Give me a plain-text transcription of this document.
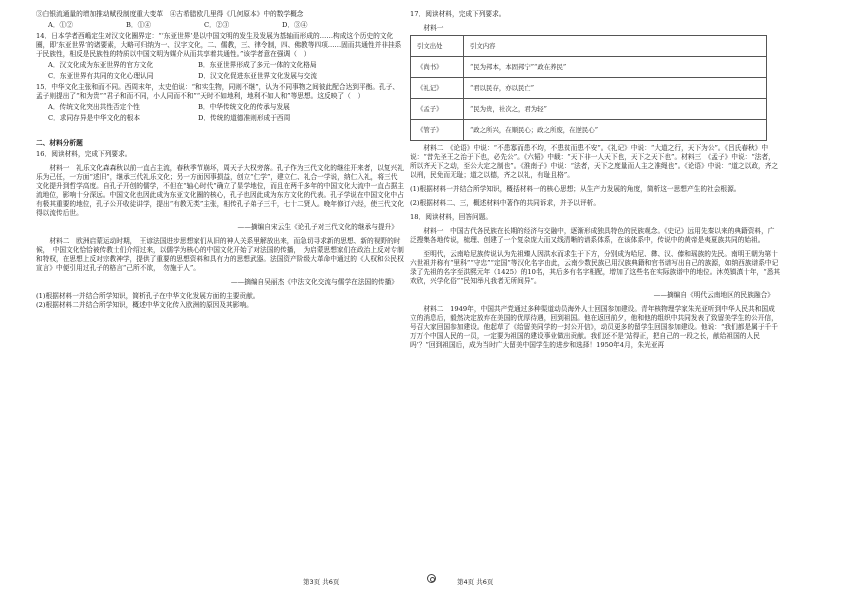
③白银流通量的增加推动赋役制度重大变革　④古希腊欧几里得《几何原本》中的数学概念

A．①②	B．①④	C．②③	D．③④

14．日本学者西嶋定生对汉文化圈界定：“‘东亚世界’是以中国文明的发生及发展为基轴而形成的……构成这个历史的文化圈，即‘东亚世界’的诸要素，大略可归纳为一、汉字文化，二、儒教，三、律令制，四、佛教等四项……固而共通性并非挂系于民族性，相反是民族性的特质以中国文明为媒介从而共享着共通性。”该学者意在强调（　）

A．汉文化成为东亚世界的官方文化	B．东亚世界形成了多元一体的文化格局
C．东亚世界有共同的文化心理认同	D．汉文化促进东亚世界文化发展与交流

15．中华文化主张和而不同。西周末年，太史伯说：“和实生物，同则不继”，认为不同事物之间彼此配合达到平衡。孔子、孟子则提出了“和为贵”“君子和而不同，小人同而不和”“天时不如地利，地利不如人和”等思想。这反映了（　）

A．传统文化突出共性否定个性	B．中华传统文化的传承与发展
C．求同存异是中华文化的根本	D．传统的道德准则形成于西周
二、材料分析题

16．阅读材料，完成下列要求。

材料一　礼乐文化森森秋以前一直占主流，春秋季节崩坏，周天子大权旁落。孔子作为三代文化的继往开来者，以复兴礼乐为己任，一方面“述旧”，继承三代礼乐文化；另一方面因事损益，创立“仁学”，建立仁、礼合一学说，纳仁入礼，将三代文化提升到哲学高度。自孔子开创的儒学，不但在“轴心时代”确立了显学地位，而且在两千多年的中国文化大流中一直占据主流地位，影响十分深远。中国文化也因此成为东亚文化圈的核心，孔子也因此成为东方文化的代表。孔子学说在中国文化中占有极其重要的地位，孔子公开收徒讲学，提出“有教无类”主张，相传孔子弟子三千，七十二贤人。晚年修订六经，使三代文化得以流传后世。

——摘编自宋云生《论孔子对三代文化的继承与提升》

材料二　欧洲启蒙运动时期，　王谚法国进步思想家们从旧的神人关系里解放出来，而急切寻求新的思想、新的视野的时候，　中国文化恰恰被传教士们介绍过来，以儒学为核心的中国文化开始了对法国的传播，　为启蒙思想家们在政治上反对专制和特权，在思想上反对宗教神学，提供了重要的思想资料和具有力的思想武器。法国资产阶级大革命中通过的《人权和公民权宣言》中便引用过孔子的格言“己所不欲，　勿施于人”。

——摘编自吴丽杰《中法文化交流与儒学在法国的传播》

(1)根据材料一并结合所学知识，简析孔子在中华文化发展方面的主要贡献。

(2)根据材料二并结合所学知识，概述中华文化传入欧洲的原因及其影响。

17．阅读材料，完成下列要求。

材料一

引文出处	引文内容
《尚书》	“民为邦本，本固邦宁”“政在养民”
《礼记》	“君以民存，亦以民亡”
《孟子》	“民为贵，社次之，君为轻”
《管子》	“政之所兴，在顺民心；政之所废，在逆民心”

材料二　《论语》中说：“不患寡而患不均，不患贫而患不安”。《礼记》中说：“大道之行，天下为公”。《吕氏春秋》中说：“昔先圣王之治于下也，必先公”。《六韬》中载：“天下非一人天下也，天下之天下也”。材料三　《孟子》中说：“法者，所以齐天下之动，至公大定之制也”。《淮南子》中说：“法者，天下之度量而人主之准绳也”。《论语》中说：“道之以政，齐之以刑，民免而无耻；道之以德，齐之以礼，有耻且格”。

(1)根据材料一并结合所学知识，概括材料一的核心思想；从生产力发展的角度，简析这一思想产生的社会根源。

(2)根据材料二、三，概述材料中著作的共同诉求，并予以评析。

18．阅读材料，回答问题。

材料一　中国古代各民族在长期的经济与交融中，逐渐形成独具特色的民族观念。《史记》远用先秦以来的典籍资料，广泛搜集各地传说，梳理、创建了一个复杂庞大而又线清晰的谱系体系，在该体系中，传说中的黄帝是夷夏族共同的始祖。

至明代，云南哈尼族传说认为先祖臻人因洪水而求生于下方，分别成为哈尼、彝、汉、傣和瑶族的先民。南明王朝为第十六世祖并称有“里科”“守忠”“定国”等汉化名字由此，云南少数民族已用汉族典籍和官书谱写出自己的族源，如纳西族谱系中记录了先祖的名字至洪熙元年（1425）的10名，其后多有名字相配，增加了这些名在实际族谱中的地位。沐英镇滇十年，“悉其欢欣，兴学化俗”“民知举凡我者无所间异”。

——摘编自《明代云南地区的民族融合》

材料二　1949年，中国共产党通过多种渠道动员海外人士回国参加建设。青年核物理学家朱光亚听到中华人民共和国成立的消息后，毅然决定放弃在美国的优厚待遇，回到祖国。他在返回前夕，他和他的组织中共同发表了致留美学生的公开信，号召大家回国参加建设。他起草了《给留美同学的一封公开信》，动员更多的留学生回国参加建设。他说：“我们都是属于千千万万个中国人民的一员，一定要为祖国的建设事业做出贡献。我们还不是‘站得正，把自己的一段之长，献给祖国的人民吗’？”回到祖国后，成为当时广大留美中国学生的进步和选择！1950年4月，朱光亚再

第3页 共6页	第4页 共6页
